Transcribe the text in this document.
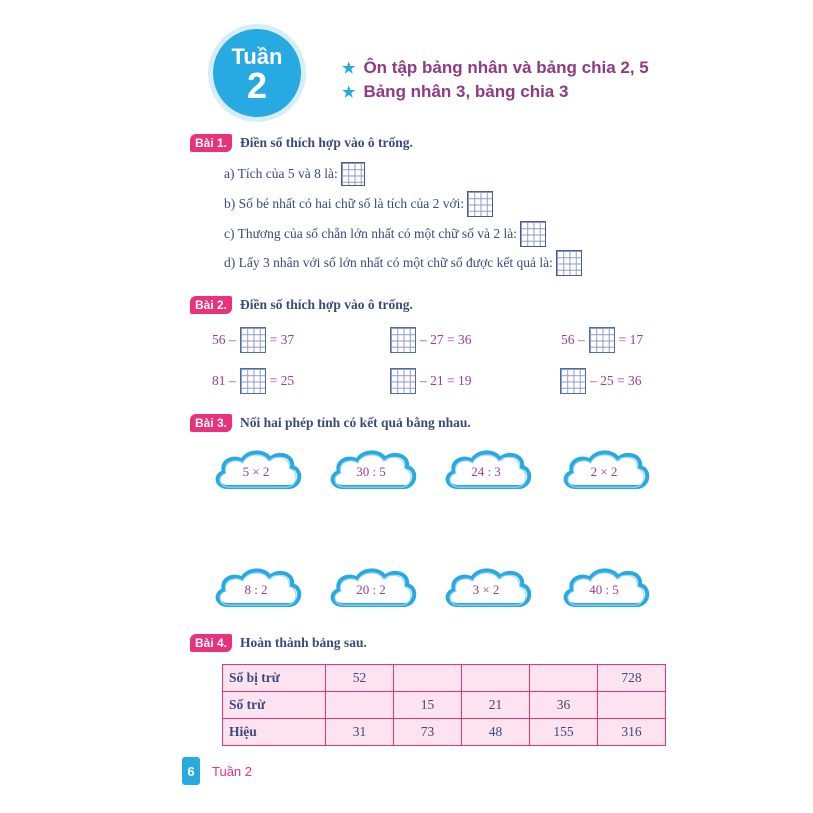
Tuần
2	★ Ôn tập bảng nhân và bảng chia 2, 5
★ Bảng nhân 3, bảng chia 3
Bài 1. Điền số thích hợp vào ô trống.
a) Tích của 5 và 8 là:
b) Số bé nhất có hai chữ số là tích của 2 với:
c) Thương của số chẵn lớn nhất có một chữ số và 2 là:
d) Lấy 3 nhân với số lớn nhất có một chữ số được kết quả là:
Bài 2. Điền số thích hợp vào ô trống.
56 –	= 37	– 27 = 36	56 –	= 17
81 –	= 25	– 21 = 19	– 25 = 36
Bài 3. Nối hai phép tính có kết quả bằng nhau.
Bài 4. Hoàn thành bảng sau.
Số bị trừ	52				728
Số trừ		15	21	36	
Hiệu	31	73	48	155	316
6	Tuần 2
5 × 2	30 : 5	24 : 3	2 × 2
8 : 2	20 : 2	3 × 2	40 : 5
